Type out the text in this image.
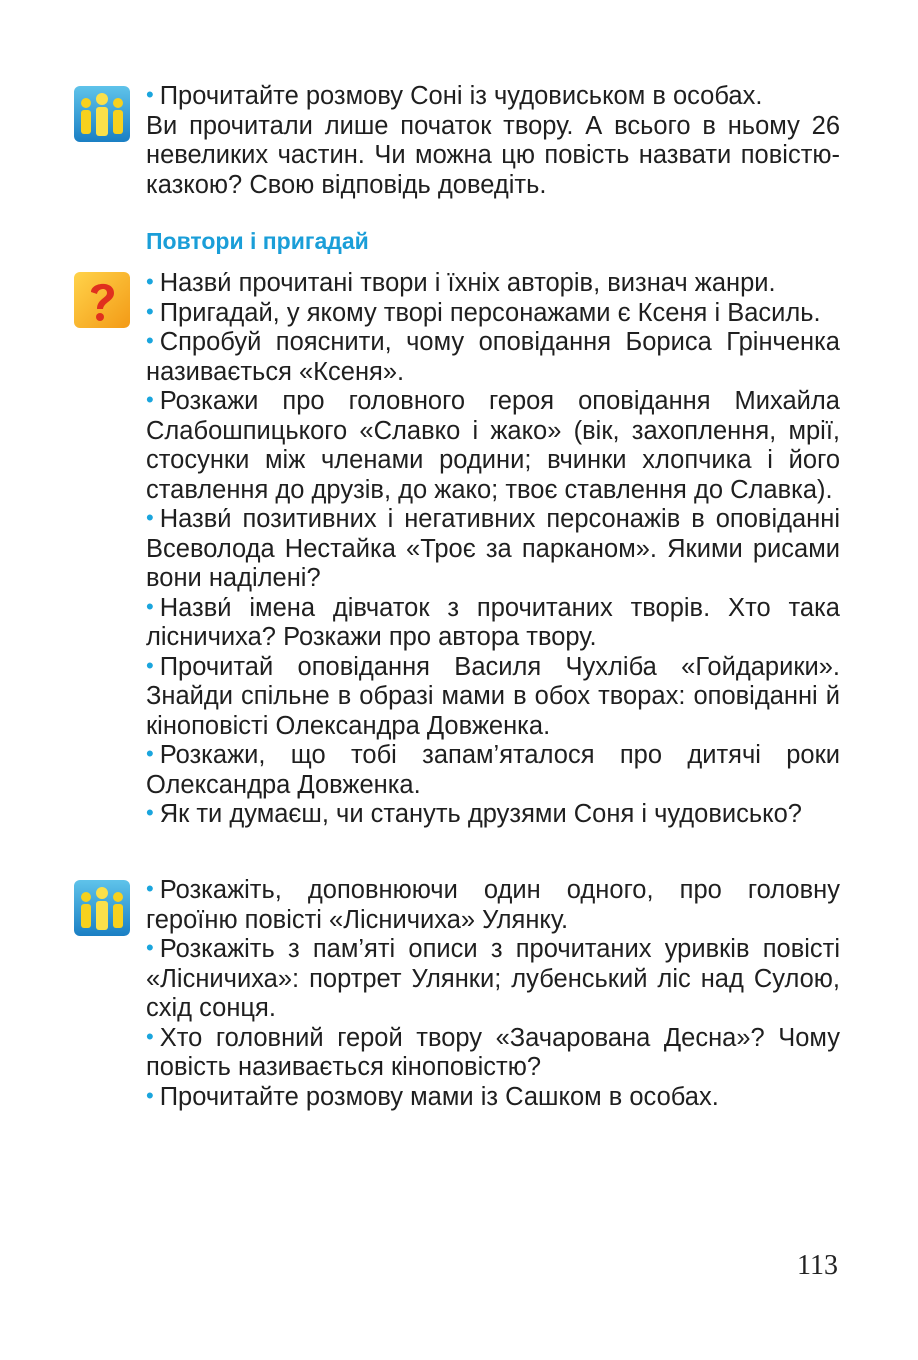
• Прочитайте розмову Соні із чудовиськом в особах.

Ви прочитали лише початок твору. А всього в ньому 26 невеликих частин. Чи можна цю повість назвати повістю-казкою? Свою відповідь доведіть.

Повтори і пригадай

• Назви́ прочитані твори і їхніх авторів, визнач жанри.

• Пригадай, у якому творі персонажами є Ксеня і Василь.

• Спробуй пояснити, чому оповідання Бориса Грінченка називається «Ксеня».

• Розкажи про головного героя оповідання Михайла Слабошпицького «Славко і жако» (вік, захоплення, мрії, стосунки між членами родини; вчинки хлопчика і його ставлення до друзів, до жако; твоє ставлення до Славка).

• Назви́ позитивних і негативних персонажів в оповіданні Всеволода Нестайка «Троє за парканом». Якими рисами вони наділені?

• Назви́ імена дівчаток з прочитаних творів. Хто така лісничиха? Розкажи про автора твору.

• Прочитай оповідання Василя Чухліба «Гойдарики». Знайди спільне в образі мами в обох творах: оповіданні й кіноповісті Олександра Довженка.

• Розкажи, що тобі запам’яталося про дитячі роки Олександра Довженка.

• Як ти думаєш, чи стануть друзями Соня і чудовисько?

• Розкажіть, доповнюючи один одного, про головну героїню повісті «Лісничиха» Улянку.

• Розкажіть з пам’яті описи з прочитаних уривків повісті «Лісничиха»: портрет Улянки; лубенський ліс над Сулою, схід сонця.

• Хто головний герой твору «Зачарована Десна»? Чому повість називається кіноповістю?

• Прочитайте розмову мами із Сашком в особах.

113
